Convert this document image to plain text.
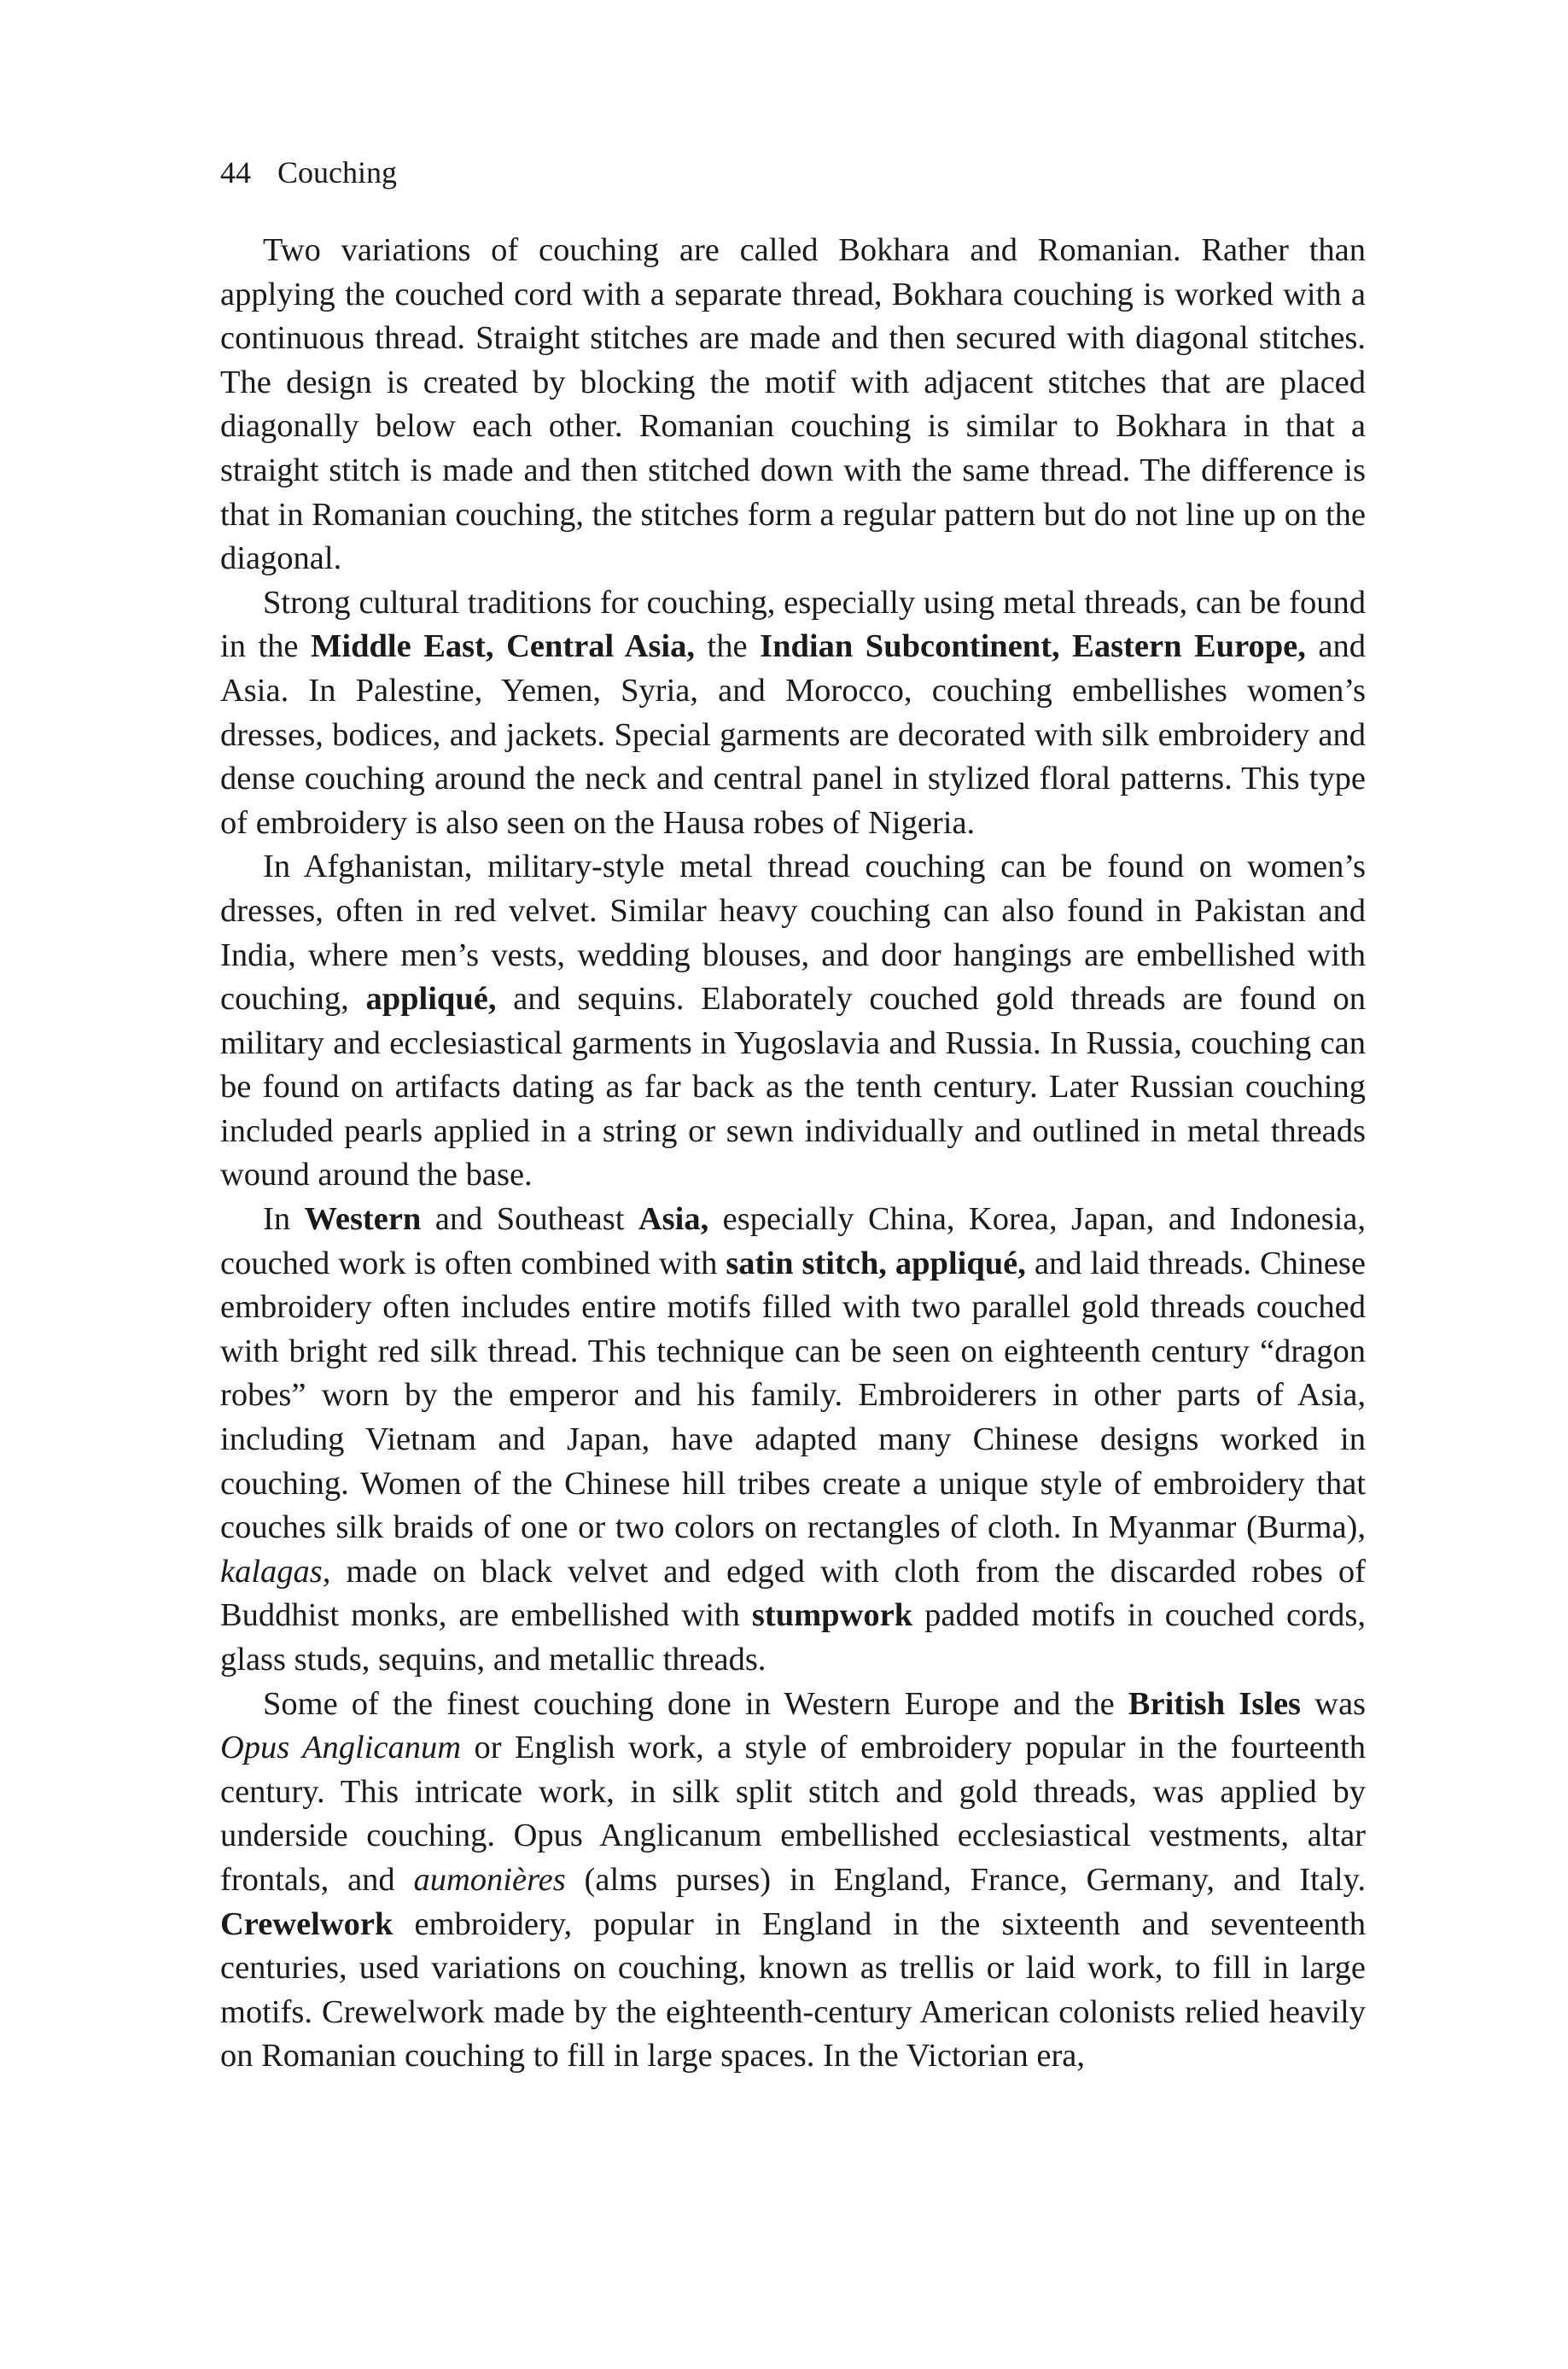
44 Couching

Two variations of couching are called Bokhara and Romanian. Rather than applying the couched cord with a separate thread, Bokhara couching is worked with a continuous thread. Straight stitches are made and then secured with diagonal stitches. The design is created by blocking the motif with adjacent stitches that are placed diagonally below each other. Romanian couching is similar to Bokhara in that a straight stitch is made and then stitched down with the same thread. The difference is that in Romanian couching, the stitches form a regular pattern but do not line up on the diagonal.

Strong cultural traditions for couching, especially using metal threads, can be found in the Middle East, Central Asia, the Indian Subcontinent, Eastern Europe, and Asia. In Palestine, Yemen, Syria, and Morocco, couching embellishes women’s dresses, bodices, and jackets. Special garments are decorated with silk embroidery and dense couching around the neck and central panel in stylized floral patterns. This type of embroidery is also seen on the Hausa robes of Nigeria.

In Afghanistan, military-style metal thread couching can be found on women’s dresses, often in red velvet. Similar heavy couching can also found in Pakistan and India, where men’s vests, wedding blouses, and door hangings are embellished with couching, appliqué, and sequins. Elaborately couched gold threads are found on military and ecclesiastical garments in Yugoslavia and Russia. In Russia, couching can be found on artifacts dating as far back as the tenth century. Later Russian couching included pearls applied in a string or sewn individually and outlined in metal threads wound around the base.

In Western and Southeast Asia, especially China, Korea, Japan, and Indonesia, couched work is often combined with satin stitch, appliqué, and laid threads. Chinese embroidery often includes entire motifs filled with two parallel gold threads couched with bright red silk thread. This technique can be seen on eighteenth century “dragon robes” worn by the emperor and his family. Embroiderers in other parts of Asia, including Vietnam and Japan, have adapted many Chinese designs worked in couching. Women of the Chinese hill tribes create a unique style of embroidery that couches silk braids of one or two colors on rectangles of cloth. In Myanmar (Burma), kalagas, made on black velvet and edged with cloth from the discarded robes of Buddhist monks, are embellished with stumpwork padded motifs in couched cords, glass studs, sequins, and metallic threads.

Some of the finest couching done in Western Europe and the British Isles was Opus Anglicanum or English work, a style of embroidery popular in the fourteenth century. This intricate work, in silk split stitch and gold threads, was applied by underside couching. Opus Anglicanum embellished ecclesiastical vestments, altar frontals, and aumonières (alms purses) in England, France, Germany, and Italy. Crewelwork embroidery, popular in England in the sixteenth and seventeenth centuries, used variations on couching, known as trellis or laid work, to fill in large motifs. Crewelwork made by the eighteenth-century American colonists relied heavily on Romanian couching to fill in large spaces. In the Victorian era,
